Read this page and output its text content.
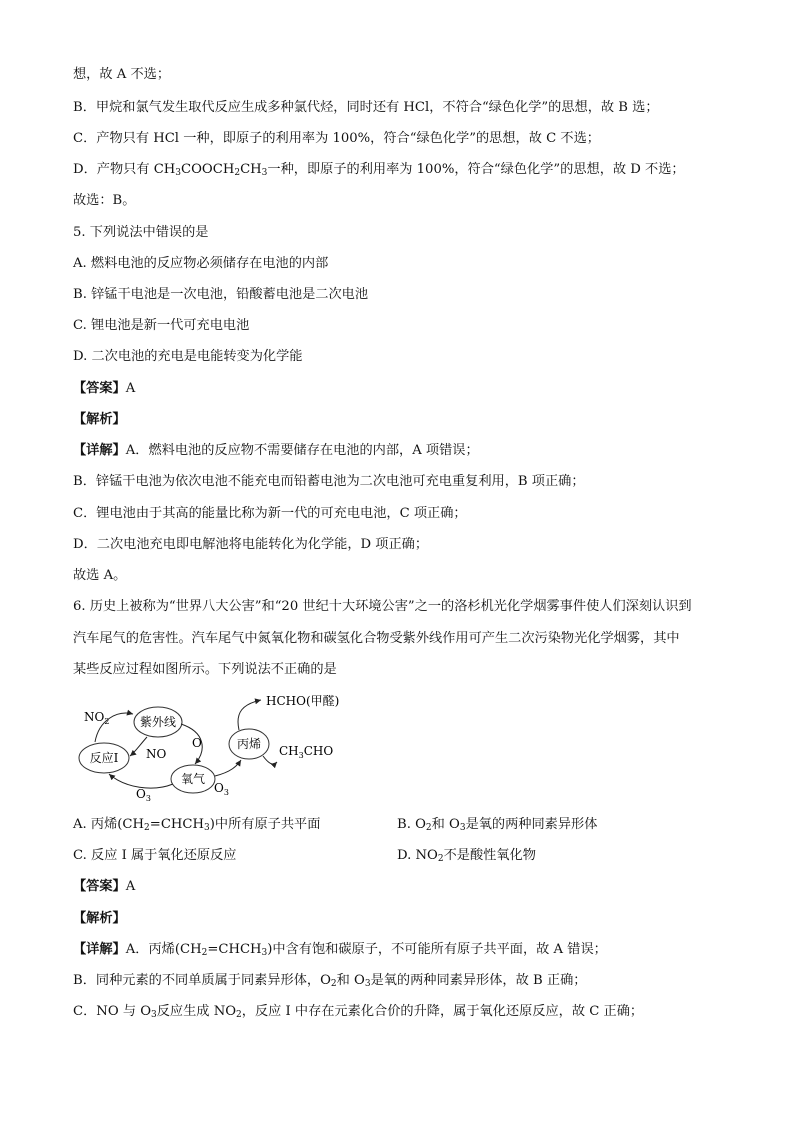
想，故 A 不选；
B．甲烷和氯气发生取代反应生成多种氯代烃，同时还有 HCl，不符合“绿色化学”的思想，故 B 选；
C．产物只有 HCl 一种，即原子的利用率为 100%，符合“绿色化学”的思想，故 C 不选；
D．产物只有 $CH_3COOCH_2CH_3$一种，即原子的利用率为 100%，符合“绿色化学”的思想，故 D 不选；
故选：B。
5. 下列说法中错误的是
A. 燃料电池的反应物必须储存在电池的内部
B. 锌锰干电池是一次电池，铅酸蓄电池是二次电池
C. 锂电池是新一代可充电电池
D. 二次电池的充电是电能转变为化学能
【答案】A
【解析】
【详解】A．燃料电池的反应物不需要储存在电池的内部，A 项错误；
B．锌锰干电池为依次电池不能充电而铅蓄电池为二次电池可充电重复利用，B 项正确；
C．锂电池由于其高的能量比称为新一代的可充电电池，C 项正确；
D．二次电池充电即电解池将电能转化为化学能，D 项正确；
故选 A。
6. 历史上被称为“世界八大公害”和“20 世纪十大环境公害”之一的洛杉机光化学烟雾事件使人们深刻认识到
汽车尾气的危害性。汽车尾气中氮氧化物和碳氢化合物受紫外线作用可产生二次污染物光化学烟雾，其中
某些反应过程如图所示。下列说法不正确的是
$NO_2$	紫外线
反应I
氧气
丙烯
NO
O
$O_3$
$O_3$
HCHO(甲醛)
$CH_3CHO$
A. 丙烯$(CH_2=CHCH_3)$中所有原子共平面	B. $O_2$和 $O_3$是氧的两种同素异形体
C. 反应 I 属于氧化还原反应	D. $NO_2$不是酸性氧化物
【答案】A
【解析】
【详解】A．丙烯$(CH_2=CHCH_3)$中含有饱和碳原子，不可能所有原子共平面，故 A 错误；
B．同种元素的不同单质属于同素异形体，$O_2$和 $O_3$是氧的两种同素异形体，故 B 正确；
C．NO 与 $O_3$反应生成 $NO_2$，反应 I 中存在元素化合价的升降，属于氧化还原反应，故 C 正确；
